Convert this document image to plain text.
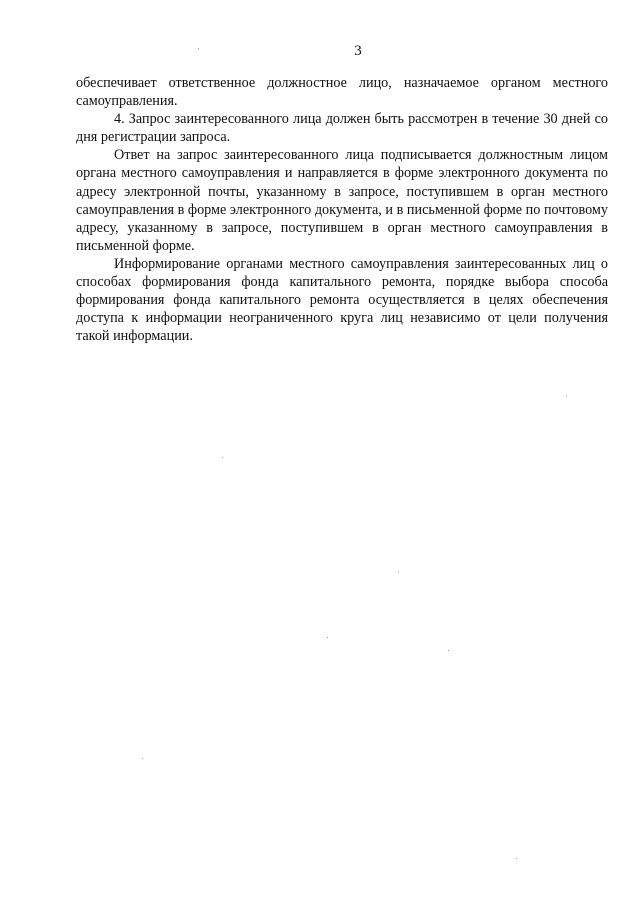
3

обеспечивает ответственное должностное лицо, назначаемое органом местного самоуправления.

4. Запрос заинтересованного лица должен быть рассмотрен в течение 30 дней со дня регистрации запроса.

Ответ на запрос заинтересованного лица подписывается должностным лицом органа местного самоуправления и направляется в форме электронного документа по адресу электронной почты, указанному в запросе, поступившем в орган местного самоуправления в форме электронного документа, и в письменной форме по почтовому адресу, указанному в запросе, поступившем в орган местного самоуправления в письменной форме.

Информирование органами местного самоуправления заинтересованных лиц о способах формирования фонда капитального ремонта, порядке выбора способа формирования фонда капитального ремонта осуществляется в целях обеспечения доступа к информации неограниченного круга лиц независимо от цели получения такой информации.
